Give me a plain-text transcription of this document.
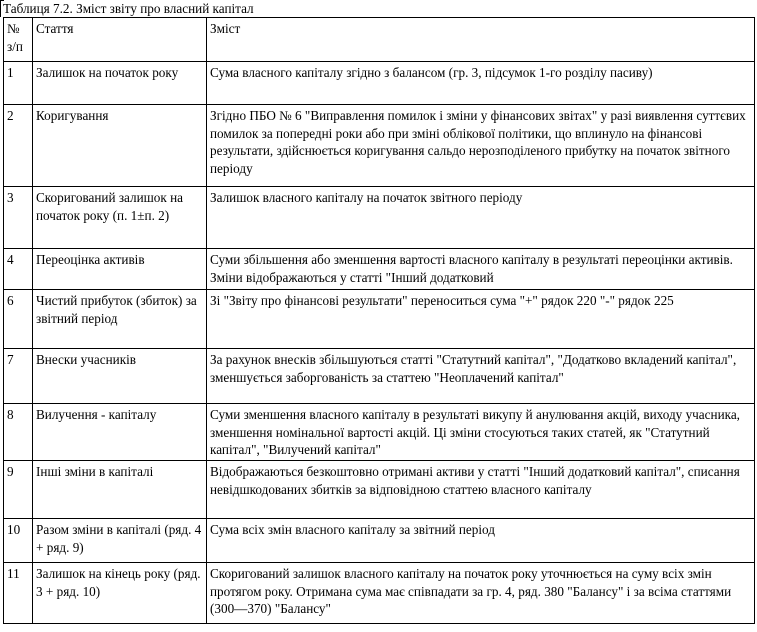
Таблиця 7.2. Зміст звіту про власний капітал
№ з/п	Стаття	Зміст
1	Залишок на початок року	Сума власного капіталу згідно з балансом (гр. 3, підсумок 1-го розділу пасиву)
2	Коригування	Згідно ПБО № 6 "Виправлення помилок і зміни у фінансових звітах" у разі виявлення суттєвих помилок за попередні роки або при зміні облікової політики, що вплинуло на фінансові результати, здійснюється коригування сальдо нерозподіленого прибутку на початок звітного періоду
3	Скоригований залишок на початок року (п. 1±п. 2)	Залишок власного капіталу на початок звітного періоду
4	Переоцінка активів	Суми збільшення або зменшення вартості власного капіталу в результаті переоцінки активів. Зміни відображаються у статті "Інший додатковий
6	Чистий прибуток (збиток) за звітний період	Зі "Звіту про фінансові результати" переноситься сума "+" рядок 220 "-" рядок 225
7	Внески учасників	За рахунок внесків збільшуються статті "Статутний капітал", "Додатково вкладений капітал", зменшується заборгованість за статтею "Неоплачений капітал"
8	Вилучення - капіталу	Суми зменшення власного капіталу в результаті викупу й анулювання акцій, виходу учасника, зменшення номінальної вартості акцій. Ці зміни стосуються таких статей, як "Статутний капітал", "Вилучений капітал"
9	Інші зміни в капіталі	Відображаються безкоштовно отримані активи у статті "Інший додатковий капітал", списання невідшкодованих збитків за відповідною статтею власного капіталу
10	Разом зміни в капіталі (ряд. 4 + ряд. 9)	Сума всіх змін власного капіталу за звітний період
11	Залишок на кінець року (ряд. 3 + ряд. 10)	Скоригований залишок власного капіталу на початок року уточнюється на суму всіх змін протягом року. Отримана сума має співпадати за гр. 4, ряд. 380 "Балансу" і за всіма статтями (300—370) "Балансу"
